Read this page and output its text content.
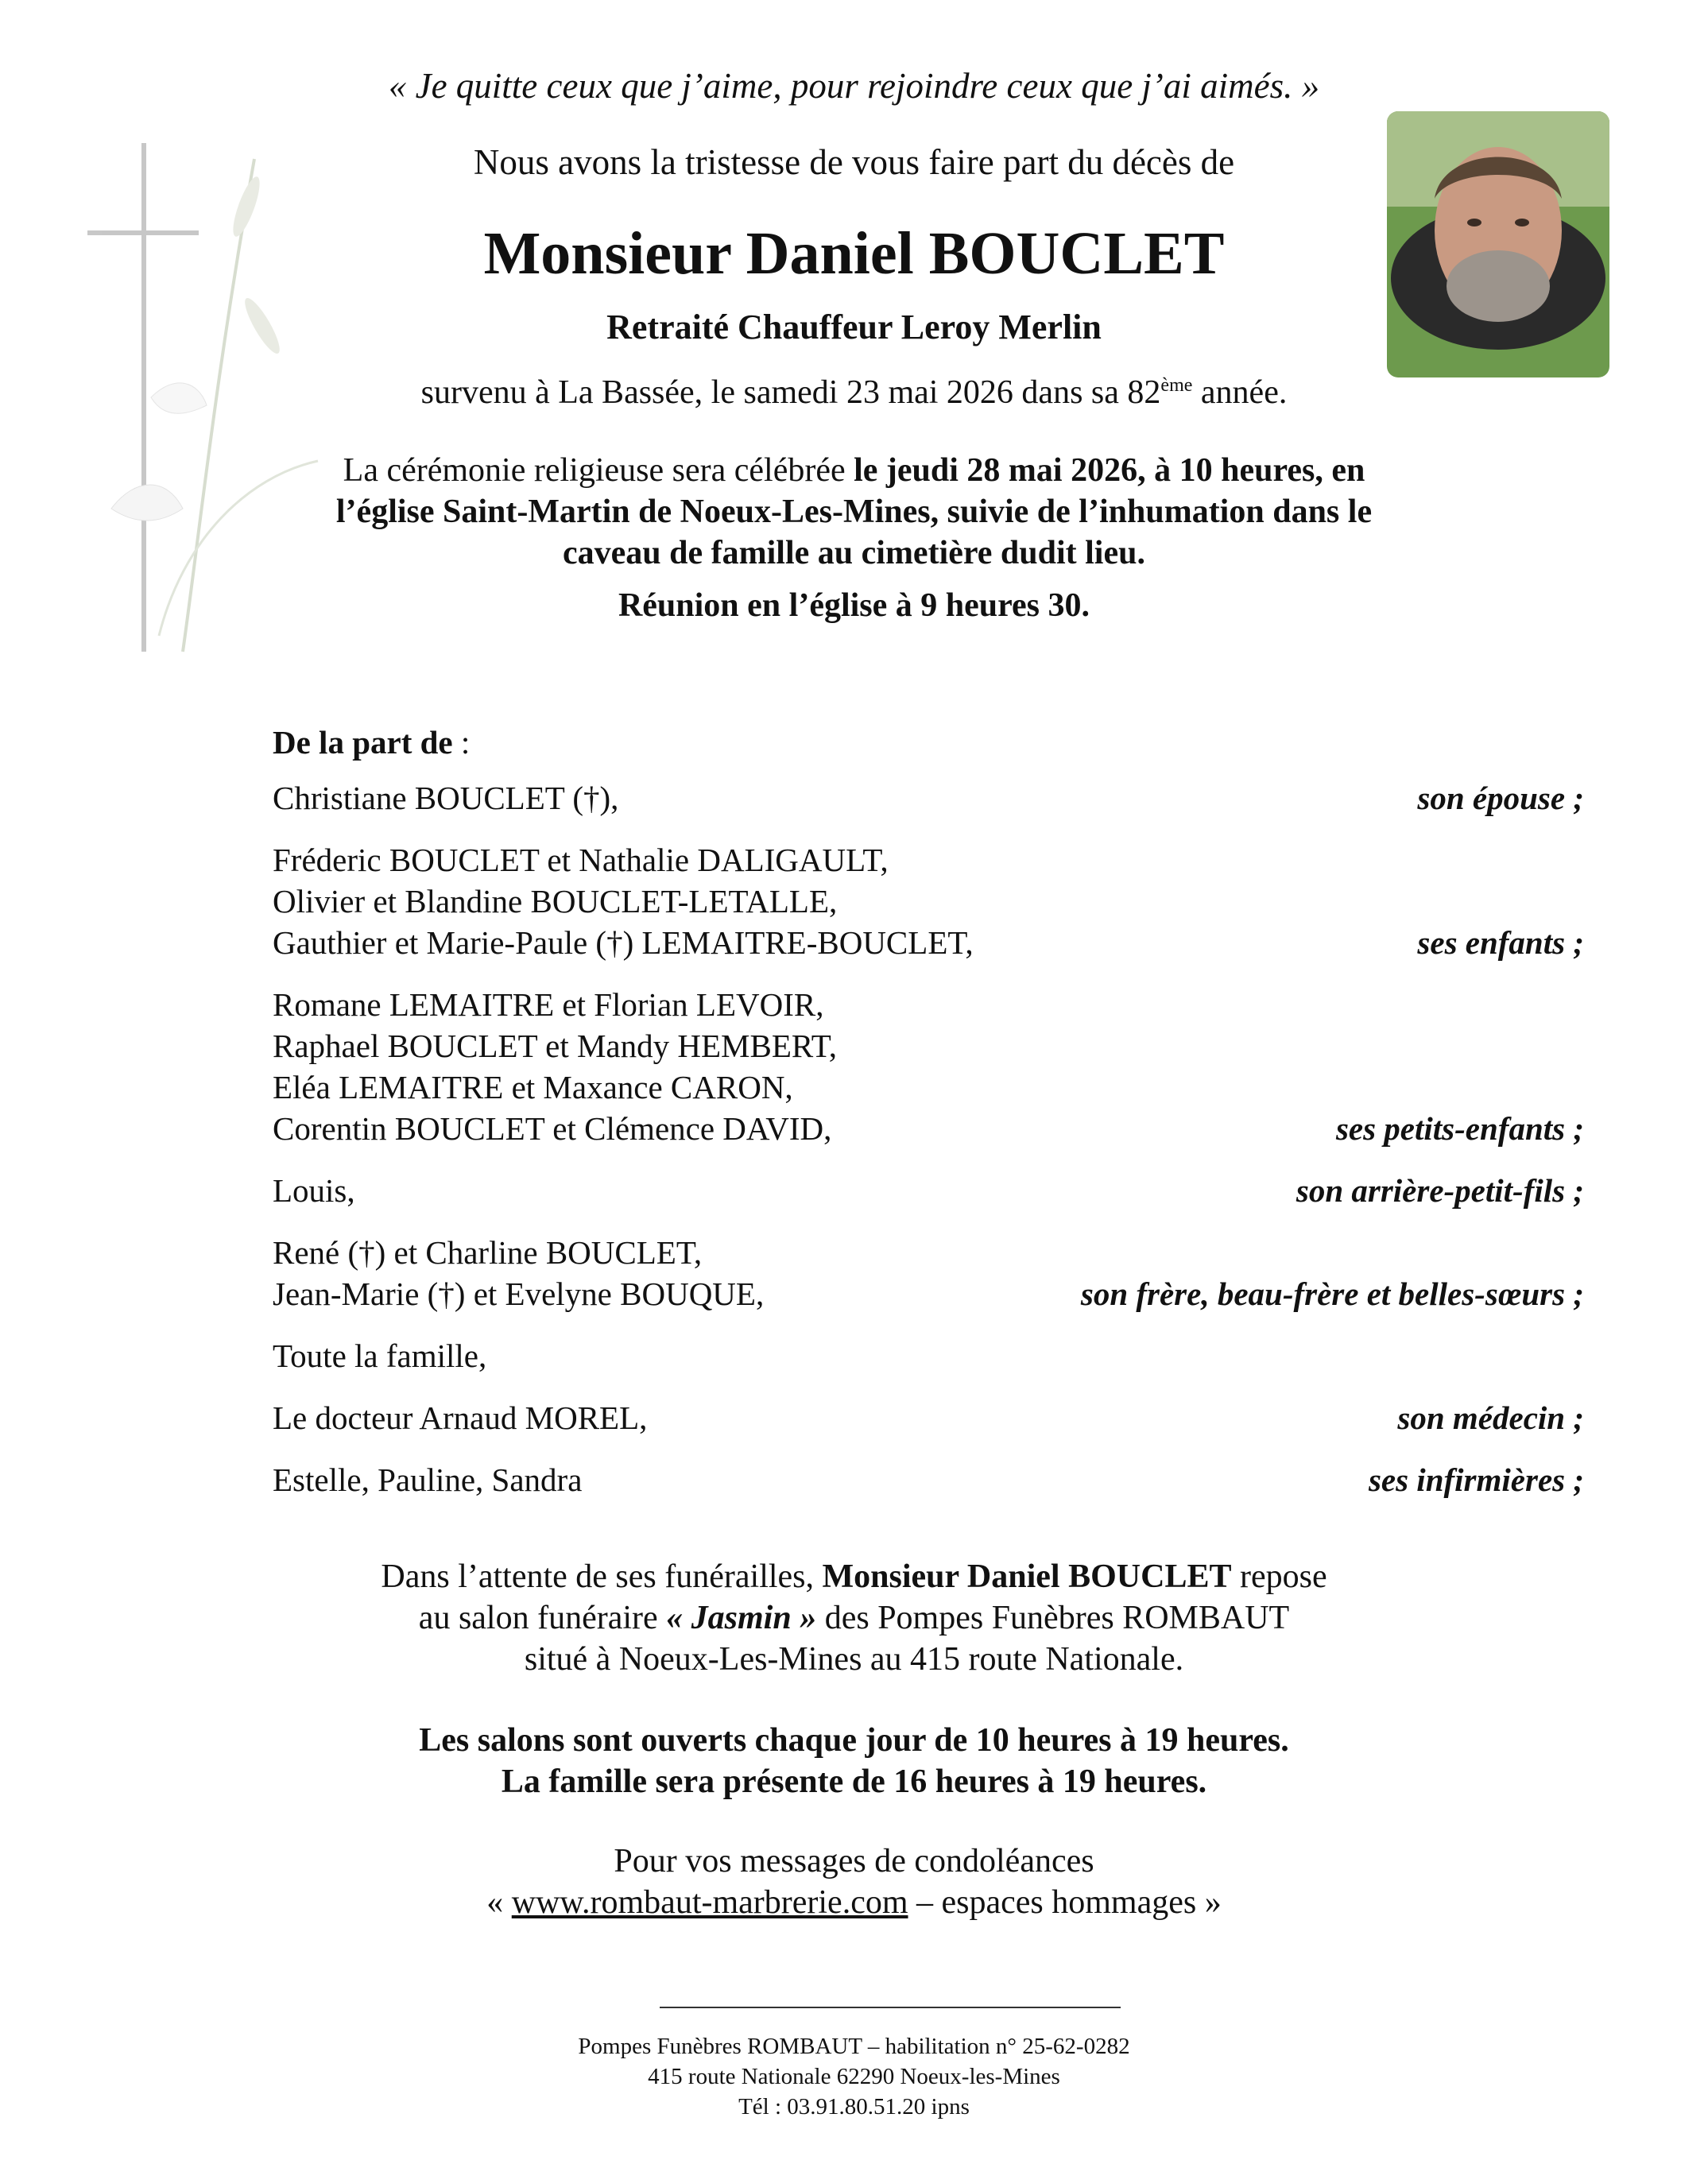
« Je quitte ceux que j’aime, pour rejoindre ceux que j’ai aimés. »
Nous avons la tristesse de vous faire part du décès de
Monsieur Daniel BOUCLET
Retraité Chauffeur Leroy Merlin
survenu à La Bassée, le samedi 23 mai 2026 dans sa 82ème année.
La cérémonie religieuse sera célébrée le jeudi 28 mai 2026, à 10 heures, en
l’église Saint-Martin de Noeux-Les-Mines, suivie de l’inhumation dans le
caveau de famille au cimetière dudit lieu.
Réunion en l’église à 9 heures 30.
De la part de :
Christiane BOUCLET (†),	son épouse ;
Fréderic BOUCLET et Nathalie DALIGAULT,
Olivier et Blandine BOUCLET-LETALLE,
Gauthier et Marie-Paule (†) LEMAITRE-BOUCLET,	ses enfants ;
Romane LEMAITRE et Florian LEVOIR,
Raphael BOUCLET et Mandy HEMBERT,
Eléa LEMAITRE et Maxance CARON,
Corentin BOUCLET et Clémence DAVID,	ses petits-enfants ;
Louis,	son arrière-petit-fils ;
René (†) et Charline BOUCLET,
Jean-Marie (†) et Evelyne BOUQUE,	son frère, beau-frère et belles-sœurs ;
Toute la famille,
Le docteur Arnaud MOREL,	son médecin ;
Estelle, Pauline, Sandra	ses infirmières ;
Dans l’attente de ses funérailles, Monsieur Daniel BOUCLET repose
au salon funéraire « Jasmin » des Pompes Funèbres ROMBAUT
situé à Noeux-Les-Mines au 415 route Nationale.
Les salons sont ouverts chaque jour de 10 heures à 19 heures.
La famille sera présente de 16 heures à 19 heures.
Pour vos messages de condoléances
« www.rombaut-marbrerie.com – espaces hommages »
Pompes Funèbres ROMBAUT – habilitation n° 25-62-0282
415 route Nationale 62290 Noeux-les-Mines
Tél : 03.91.80.51.20 ipns
